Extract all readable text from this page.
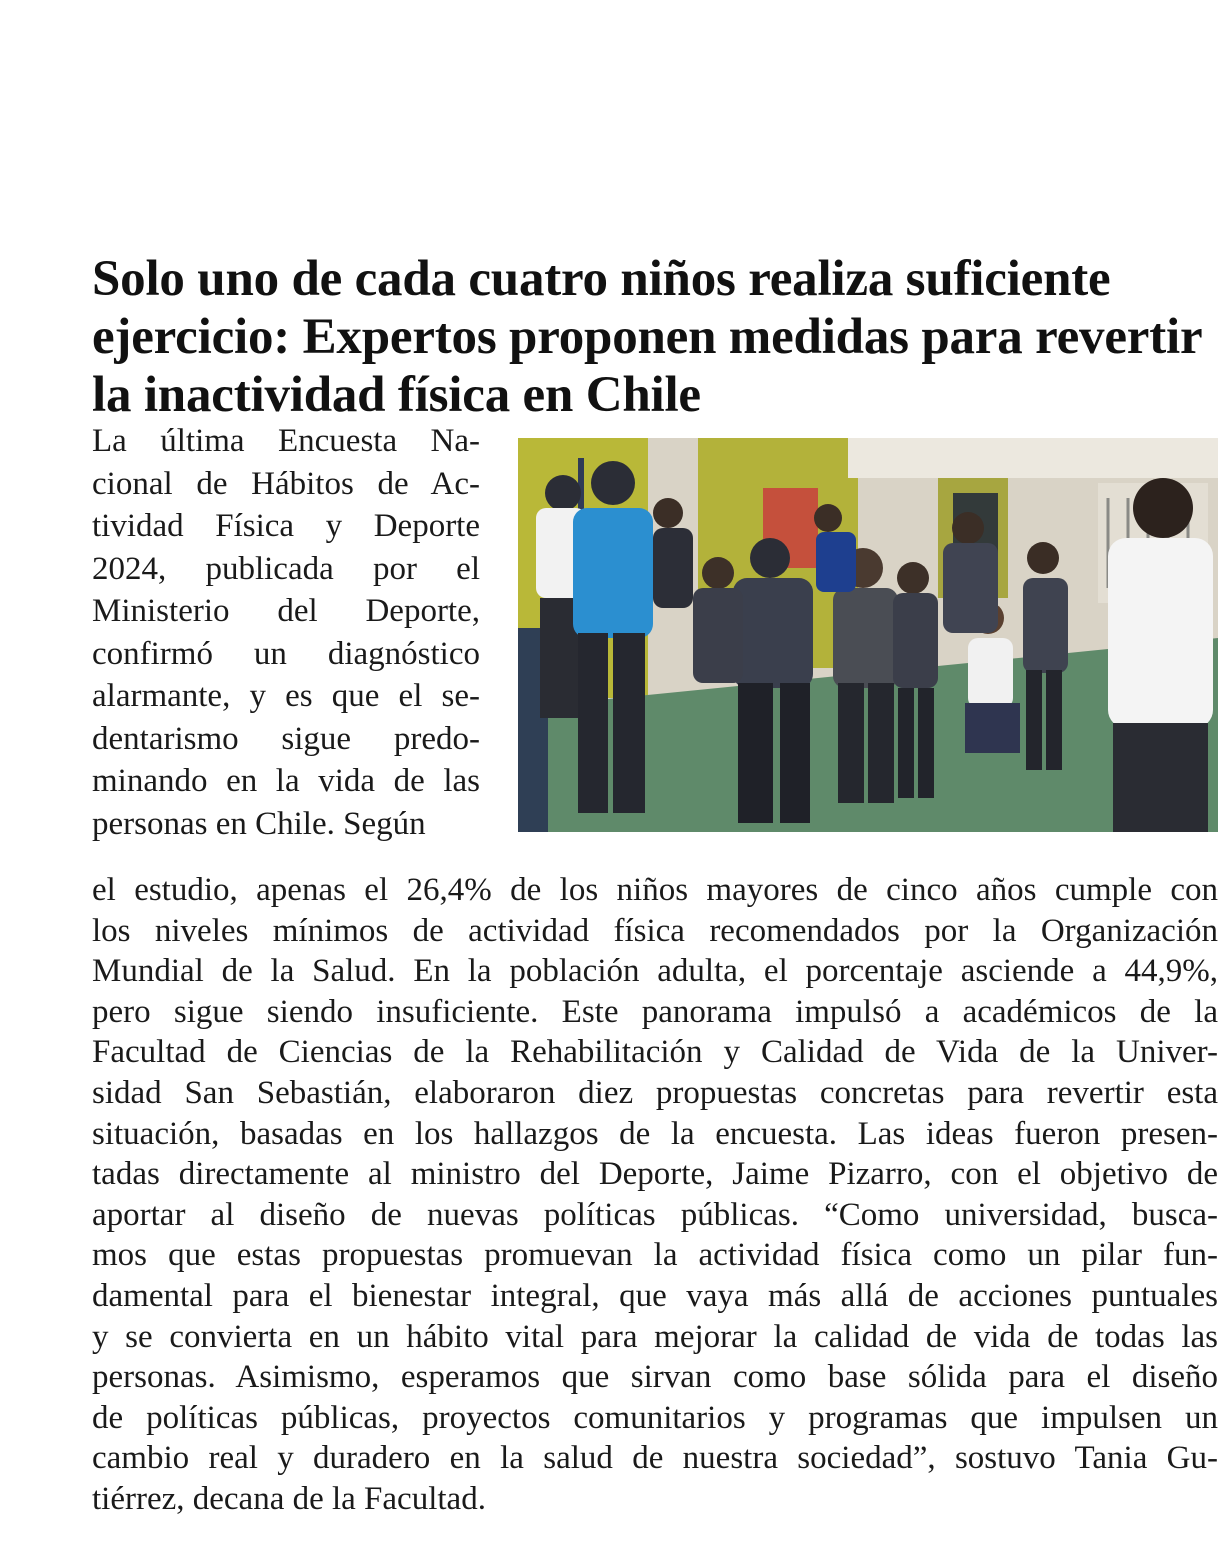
Solo uno de cada cuatro niños realiza suficiente ejercicio: Expertos proponen medidas para revertir la inactividad física en Chile

La última Encuesta Na-

cional de Hábitos de Ac-

tividad Física y Deporte

2024, publicada por el

Ministerio del Deporte,

confirmó un diagnóstico

alarmante, y es que el se-

dentarismo sigue predo-

minando en la vida de las

personas en Chile. Según

el estudio, apenas el 26,4% de los niños mayores de cinco años cumple con
los niveles mínimos de actividad física recomendados por la Organización
Mundial de la Salud. En la población adulta, el porcentaje asciende a 44,9%,
pero sigue siendo insuficiente. Este panorama impulsó a académicos de la
Facultad de Ciencias de la Rehabilitación y Calidad de Vida de la Univer-
sidad San Sebastián, elaboraron diez propuestas concretas para revertir esta
situación, basadas en los hallazgos de la encuesta. Las ideas fueron presen-
tadas directamente al ministro del Deporte, Jaime Pizarro, con el objetivo de
aportar al diseño de nuevas políticas públicas. “Como universidad, busca-
mos que estas propuestas promuevan la actividad física como un pilar fun-
damental para el bienestar integral, que vaya más allá de acciones puntuales
y se convierta en un hábito vital para mejorar la calidad de vida de todas las
personas. Asimismo, esperamos que sirvan como base sólida para el diseño
de políticas públicas, proyectos comunitarios y programas que impulsen un
cambio real y duradero en la salud de nuestra sociedad”, sostuvo Tania Gu-
tiérrez, decana de la Facultad.
